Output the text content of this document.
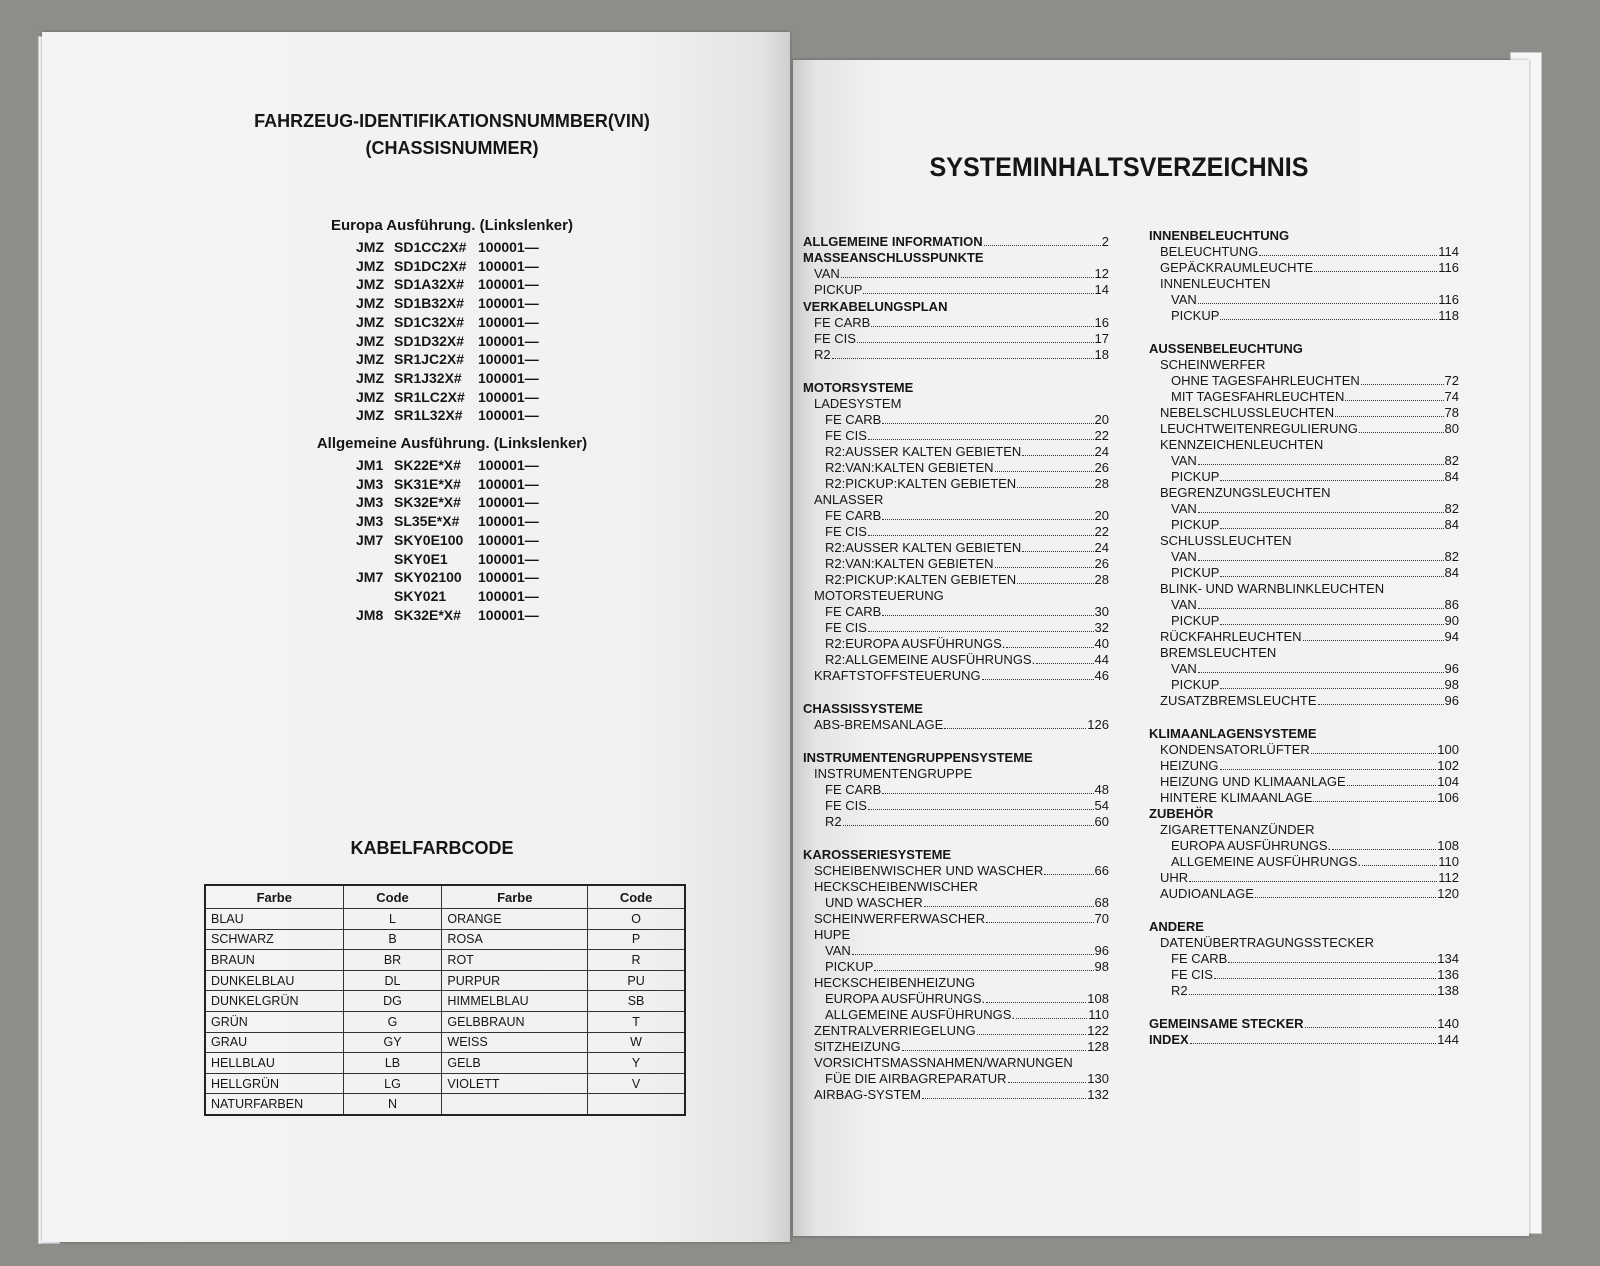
FAHRZEUG-IDENTIFIKATIONSNUMMBER(VIN)
(CHASSISNUMMER)
Europa Ausführung. (Linkslenker)
JMZ SD1CC2X# 100001—
JMZ SD1DC2X# 100001—
JMZ SD1A32X# 100001—
JMZ SD1B32X# 100001—
JMZ SD1C32X# 100001—
JMZ SD1D32X# 100001—
JMZ SR1JC2X# 100001—
JMZ SR1J32X# 100001—
JMZ SR1LC2X# 100001—
JMZ SR1L32X# 100001—
Allgemeine Ausführung. (Linkslenker)
JM1 SK22E*X# 100001—
JM3 SK31E*X# 100001—
JM3 SK32E*X# 100001—
JM3 SL35E*X# 100001—
JM7 SKY0E100 100001—
SKY0E1 100001—
JM7 SKY02100 100001—
SKY021 100001—
JM8 SK32E*X# 100001—
KABELFARBCODE
Farbe	Code	Farbe	Code
BLAU	L	ORANGE	O
SCHWARZ	B	ROSA	P
BRAUN	BR	ROT	R
DUNKELBLAU	DL	PURPUR	PU
DUNKELGRÜN	DG	HIMMELBLAU	SB
GRÜN	G	GELBBRAUN	T
GRAU	GY	WEISS	W
HELLBLAU	LB	GELB	Y
HELLGRÜN	LG	VIOLETT	V
NATURFARBEN	N		
SYSTEMINHALTSVERZEICHNIS
ALLGEMEINE INFORMATION	2
MASSEANSCHLUSSPUNKTE
VAN	12
PICKUP	14
VERKABELUNGSPLAN
FE CARB	16
FE CIS	17
R2	18
MOTORSYSTEME
LADESYSTEM
FE CARB	20
FE CIS	22
R2:AUSSER KALTEN GEBIETEN	24
R2:VAN:KALTEN GEBIETEN	26
R2:PICKUP:KALTEN GEBIETEN	28
ANLASSER
FE CARB	20
FE CIS	22
R2:AUSSER KALTEN GEBIETEN	24
R2:VAN:KALTEN GEBIETEN	26
R2:PICKUP:KALTEN GEBIETEN	28
MOTORSTEUERUNG
FE CARB	30
FE CIS	32
R2:EUROPA AUSFÜHRUNGS.	40
R2:ALLGEMEINE AUSFÜHRUNGS.	44
KRAFTSTOFFSTEUERUNG	46
CHASSISSYSTEME
ABS-BREMSANLAGE	126
INSTRUMENTENGRUPPENSYSTEME
INSTRUMENTENGRUPPE
FE CARB	48
FE CIS	54
R2	60
KAROSSERIESYSTEME
SCHEIBENWISCHER UND WASCHER	66
HECKSCHEIBENWISCHER
UND WASCHER	68
SCHEINWERFERWASCHER	70
HUPE
VAN	96
PICKUP	98
HECKSCHEIBENHEIZUNG
EUROPA AUSFÜHRUNGS.	108
ALLGEMEINE AUSFÜHRUNGS.	110
ZENTRALVERRIEGELUNG	122
SITZHEIZUNG	128
VORSICHTSMASSNAHMEN/WARNUNGEN
FÜE DIE AIRBAGREPARATUR	130
AIRBAG-SYSTEM	132
INNENBELEUCHTUNG
BELEUCHTUNG	114
GEPÄCKRAUMLEUCHTE	116
INNENLEUCHTEN
VAN	116
PICKUP	118
AUSSENBELEUCHTUNG
SCHEINWERFER
OHNE TAGESFAHRLEUCHTEN	72
MIT TAGESFAHRLEUCHTEN	74
NEBELSCHLUSSLEUCHTEN	78
LEUCHTWEITENREGULIERUNG	80
KENNZEICHENLEUCHTEN
VAN	82
PICKUP	84
BEGRENZUNGSLEUCHTEN
VAN	82
PICKUP	84
SCHLUSSLEUCHTEN
VAN	82
PICKUP	84
BLINK- UND WARNBLINKLEUCHTEN
VAN	86
PICKUP	90
RÜCKFAHRLEUCHTEN	94
BREMSLEUCHTEN
VAN	96
PICKUP	98
ZUSATZBREMSLEUCHTE	96
KLIMAANLAGENSYSTEME
KONDENSATORLÜFTER	100
HEIZUNG	102
HEIZUNG UND KLIMAANLAGE	104
HINTERE KLIMAANLAGE	106
ZUBEHÖR
ZIGARETTENANZÜNDER
EUROPA AUSFÜHRUNGS.	108
ALLGEMEINE AUSFÜHRUNGS.	110
UHR	112
AUDIOANLAGE	120
ANDERE
DATENÜBERTRAGUNGSSTECKER
FE CARB	134
FE CIS	136
R2	138
GEMEINSAME STECKER	140
INDEX	144
